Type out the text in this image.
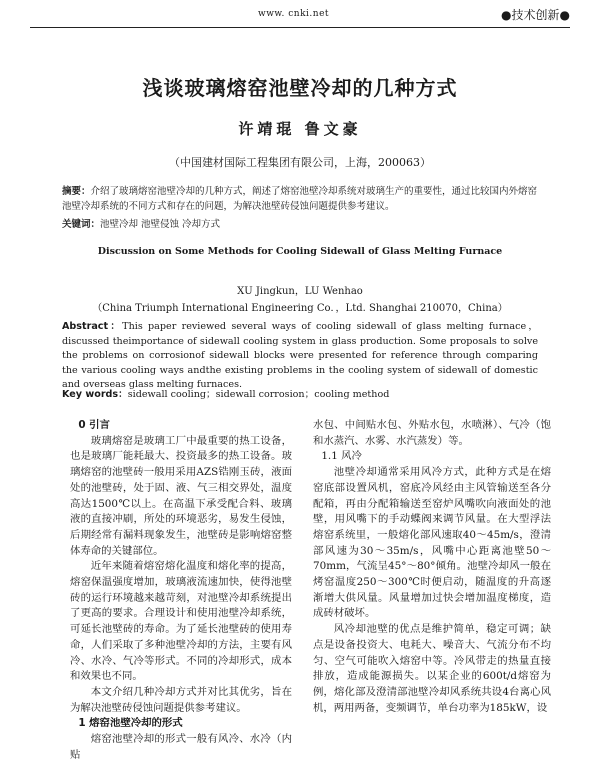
www. cnki.net	●技术创新●
浅谈玻璃熔窑池壁冷却的几种方式
许靖琨 鲁文豪
（中国建材国际工程集团有限公司，上海，200063）
摘要：介绍了玻璃熔窑池壁冷却的几种方式，阐述了熔窑池壁冷却系统对玻璃生产的重要性，通过比较国内外熔窑池壁冷却系统的不同方式和存在的问题，为解决池壁砖侵蚀问题提供参考建议。
关键词：池壁冷却 池壁侵蚀 冷却方式
Discussion on Some Methods for Cooling Sidewall of Glass Melting Furnace
XU Jingkun，LU Wenhao
（China Triumph International Engineering Co．，Ltd. Shanghai 210070，China）
Abstract：This paper reviewed several ways of cooling sidewall of glass melting furnace，discussed theimportance of sidewall cooling system in glass production. Some proposals to solve the problems on corrosionof sidewall blocks were presented for reference through comparing the various cooling ways andthe existing problems in the cooling system of sidewall of domestic and overseas glass melting furnaces.
Key words：sidewall cooling；sidewall corrosion；cooling method

0 引言

玻璃熔窑是玻璃工厂中最重要的热工设备，也是玻璃厂能耗最大、投资最多的热工设备。玻璃熔窑的池壁砖一般用采用AZS锆刚玉砖，液面处的池壁砖，处于固、液、气三相交界处，温度高达1500℃以上。在高温下承受配合料、玻璃液的直接冲刷，所处的环境恶劣，易发生侵蚀，后期经常有漏料现象发生，池壁砖是影响熔窑整体寿命的关键部位。

近年来随着熔窑熔化温度和熔化率的提高，熔窑保温强度增加，玻璃液流速加快，使得池壁砖的运行环境越来越苛刻，对池壁冷却系统提出了更高的要求。合理设计和使用池壁冷却系统，可延长池壁砖的寿命。为了延长池壁砖的使用寿命，人们采取了多种池壁冷却的方法，主要有风冷、水冷、气冷等形式。不同的冷却形式，成本和效果也不同。

本文介绍几种冷却方式并对比其优劣，旨在为解决池壁砖侵蚀问题提供参考建议。

1 熔窑池壁冷却的形式

熔窑池壁冷却的形式一般有风冷、水冷（内贴

水包、中间贴水包、外贴水包，水喷淋）、气冷（饱和水蒸汽、水雾、水汽蒸发）等。

1.1 风冷

池壁冷却通常采用风冷方式，此种方式是在熔窑底部设置风机，窑底冷风经由主风管输送至各分配箱，再由分配箱输送至窑炉风嘴吹向液面处的池壁，用风嘴下的手动蝶阀来调节风量。在大型浮法熔窑系统里，一般熔化部风速取40～45m/s，澄清部风速为30～35m/s，风嘴中心距离池壁50～70mm，气流呈45°～80°倾角。池壁冷却风一般在烤窑温度250～300℃时便启动，随温度的升高逐渐增大供风量。风量增加过快会增加温度梯度，造成砖材破坏。

风冷却池壁的优点是维护简单，稳定可调；缺点是设备投资大、电耗大、噪音大、气流分布不均匀、空气可能吹入熔窑中等。冷风带走的热量直接排放，造成能源损失。以某企业的600t/d熔窑为例，熔化部及澄清部池壁冷却风系统共设4台离心风机，两用两备，变频调节，单台功率为185kW，设
